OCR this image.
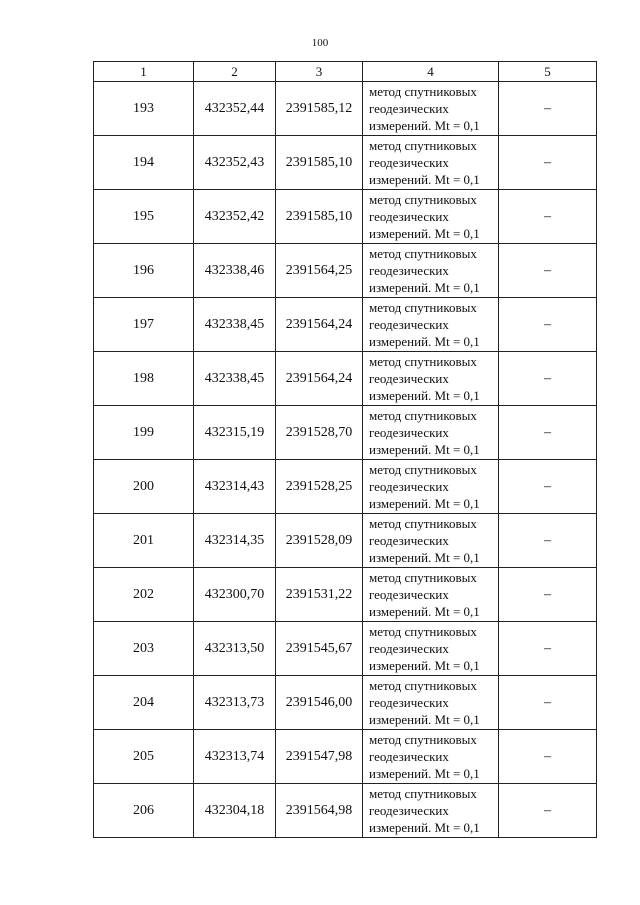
100
1	2	3	4	5
193	432352,44	2391585,12	метод спутниковых
геодезических
измерений. Mt = 0,1	–
194	432352,43	2391585,10	метод спутниковых
геодезических
измерений. Mt = 0,1	–
195	432352,42	2391585,10	метод спутниковых
геодезических
измерений. Mt = 0,1	–
196	432338,46	2391564,25	метод спутниковых
геодезических
измерений. Mt = 0,1	–
197	432338,45	2391564,24	метод спутниковых
геодезических
измерений. Mt = 0,1	–
198	432338,45	2391564,24	метод спутниковых
геодезических
измерений. Mt = 0,1	–
199	432315,19	2391528,70	метод спутниковых
геодезических
измерений. Mt = 0,1	–
200	432314,43	2391528,25	метод спутниковых
геодезических
измерений. Mt = 0,1	–
201	432314,35	2391528,09	метод спутниковых
геодезических
измерений. Mt = 0,1	–
202	432300,70	2391531,22	метод спутниковых
геодезических
измерений. Mt = 0,1	–
203	432313,50	2391545,67	метод спутниковых
геодезических
измерений. Mt = 0,1	–
204	432313,73	2391546,00	метод спутниковых
геодезических
измерений. Mt = 0,1	–
205	432313,74	2391547,98	метод спутниковых
геодезических
измерений. Mt = 0,1	–
206	432304,18	2391564,98	метод спутниковых
геодезических
измерений. Mt = 0,1	–
